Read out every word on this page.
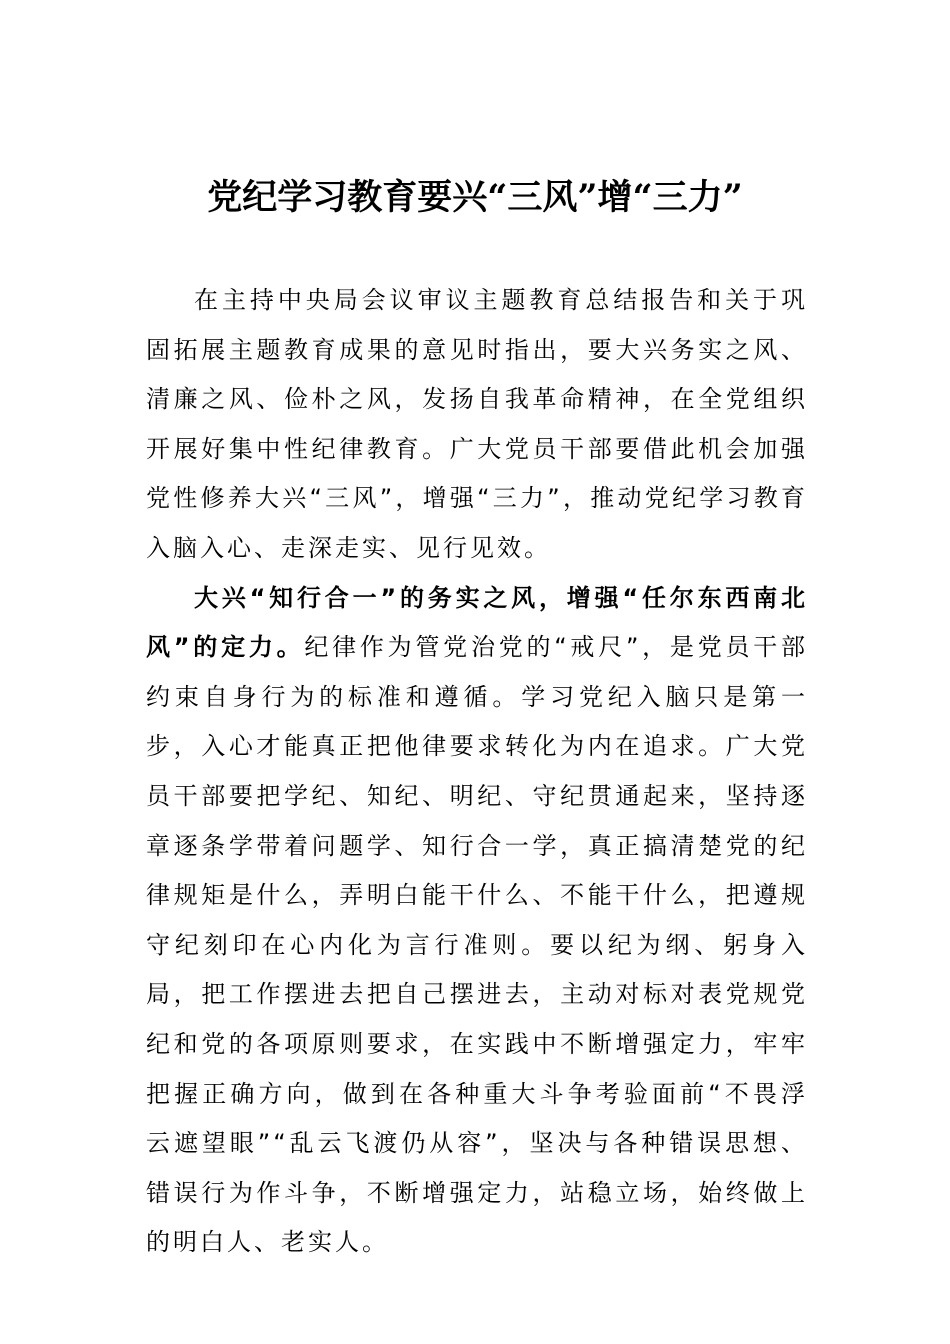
党纪学习教育要兴“三风”增“三力”

在主持中央局会议审议主题教育总结报告和关于巩固拓展主题教育成果的意见时指出，要大兴务实之风、清廉之风、俭朴之风，发扬自我革命精神，在全党组织开展好集中性纪律教育。广大党员干部要借此机会加强党性修养大兴“三风”，增强“三力”，推动党纪学习教育入脑入心、走深走实、见行见效。

大兴“知行合一”的务实之风，增强“任尔东西南北风”的定力。纪律作为管党治党的“戒尺”，是党员干部约束自身行为的标准和遵循。学习党纪入脑只是第一步，入心才能真正把他律要求转化为内在追求。广大党员干部要把学纪、知纪、明纪、守纪贯通起来，坚持逐章逐条学带着问题学、知行合一学，真正搞清楚党的纪律规矩是什么，弄明白能干什么、不能干什么，把遵规守纪刻印在心内化为言行准则。要以纪为纲、躬身入局，把工作摆进去把自己摆进去，主动对标对表党规党纪和党的各项原则要求，在实践中不断增强定力，牢牢把握正确方向，做到在各种重大斗争考验面前“不畏浮云遮望眼”“乱云飞渡仍从容”，坚决与各种错误思想、错误行为作斗争，不断增强定力，站稳立场，始终做上的明白人、老实人。
